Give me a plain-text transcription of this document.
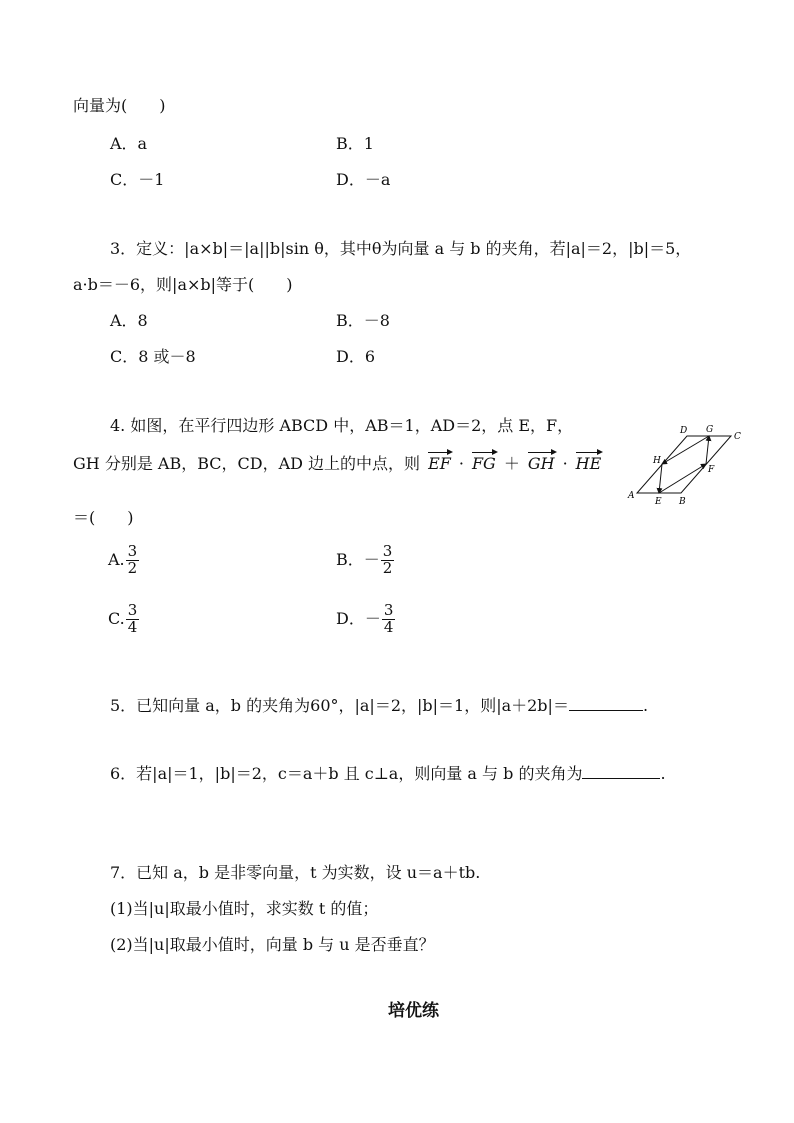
向量为(　　)
A．a	B．1
C．－1	D．－a
3．定义：|a×b|＝|a||b|sin θ，其中θ为向量 a 与 b 的夹角，若|a|＝2，|b|＝5，
a·b＝－6，则|a×b|等于(　　)
A．8	B．－8
C．8 或－8	D．6
4. 如图，在平行四边形 ABCD 中，AB＝1，AD＝2，点 E，F，
GH 分别是 AB，BC，CD，AD 边上的中点，则 EF · FG ＋ GH · HE
＝(　　)
A
B
C
D
E
F
G
H
A. $\frac{3}{2}$	B．－ $\frac{3}{2}$
C. $\frac{3}{4}$	D．－ $\frac{3}{4}$
5．已知向量 a，b 的夹角为60°，|a|＝2，|b|＝1，则|a＋2b|＝	.
6．若|a|＝1，|b|＝2，c＝a＋b 且 c⊥a，则向量 a 与 b 的夹角为	.
7．已知 a，b 是非零向量，t 为实数，设 u＝a＋tb.
(1)当|u|取最小值时，求实数 t 的值；
(2)当|u|取最小值时，向量 b 与 u 是否垂直？
培优练
